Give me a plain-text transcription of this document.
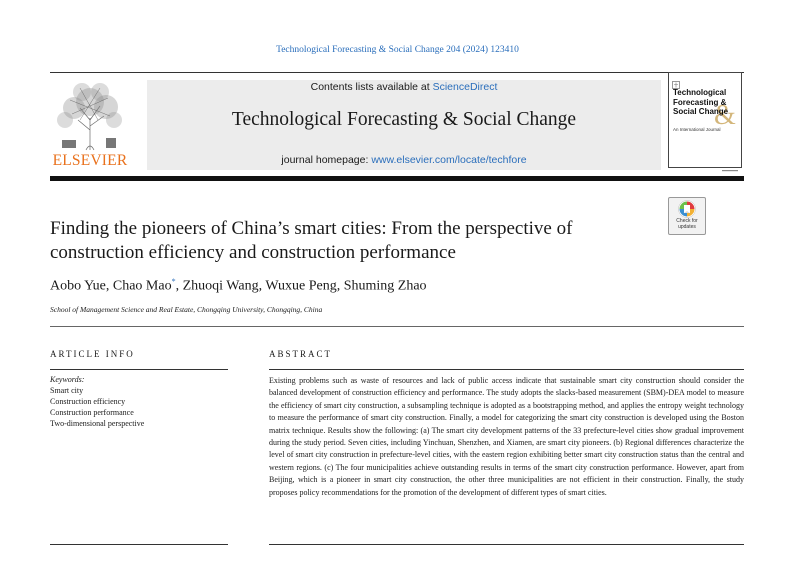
Technological Forecasting & Social Change 204 (2024) 123410
ELSEVIER
Contents lists available at ScienceDirect
Technological Forecasting & Social Change
journal homepage: www.elsevier.com/locate/techfore
&
Technological Forecasting & Social Change
An International Journal
Check for updates
Finding the pioneers of China’s smart cities: From the perspective of construction efficiency and construction performance
Aobo Yue, Chao Mao*, Zhuoqi Wang, Wuxue Peng, Shuming Zhao
School of Management Science and Real Estate, Chongqing University, Chongqing, China
ARTICLE INFO	ABSTRACT
Keywords:
Smart city
Construction efficiency
Construction performance
Two-dimensional perspective
Existing problems such as waste of resources and lack of public access indicate that sustainable smart city construction should consider the balanced development of construction efficiency and performance. The study adopts the slacks-based measurement (SBM)-DEA model to measure the efficiency of smart city construction, a subsampling technique is adopted as a bootstrapping method, and applies the entropy weight technology to measure the performance of smart city construction. Finally, a model for categorizing the smart city construction is developed using the Boston matrix technique. Results show the following: (a) The smart city development patterns of the 33 prefecture-level cities show gradual improvement during the study period. Seven cities, including Yinchuan, Shenzhen, and Xiamen, are smart city pioneers. (b) Regional differences characterize the level of smart city construction in prefecture-level cities, with the eastern region exhibiting better smart city construction status than the central and western regions. (c) The four municipalities achieve outstanding results in terms of the smart city construction performance. However, apart from Beijing, which is a pioneer in smart city construction, the other three municipalities are not efficient in their construction. Finally, the study proposes policy recommendations for the promotion of the development of different types of smart cities.
